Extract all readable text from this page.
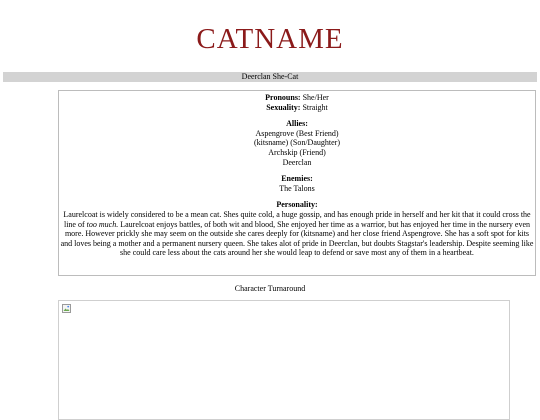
CATNAME
Deerclan She-Cat
Pronouns: She/Her
Sexuality: Straight
Allies:
Aspengrove (Best Friend)
(kitsname) (Son/Daughter)
Archskip (Friend)
Deerclan
Enemies:
The Talons
Personality:
Laurelcoat is widely considered to be a mean cat. Shes quite cold, a huge gossip, and has enough pride in herself and her kit that it could cross the line of too much. Laurelcoat enjoys battles, of both wit and blood, She enjoyed her time as a warrior, but has enjoyed her time in the nursery even more. However prickly she may seem on the outside she cares deeply for (kitsname) and her close friend Aspengrove. She has a soft spot for kits and loves being a mother and a permanent nursery queen. She takes alot of pride in Deerclan, but doubts Stagstar's leadership. Despite seeming like she could care less about the cats around her she would leap to defend or save most any of them in a heartbeat.
Character Turnaround
